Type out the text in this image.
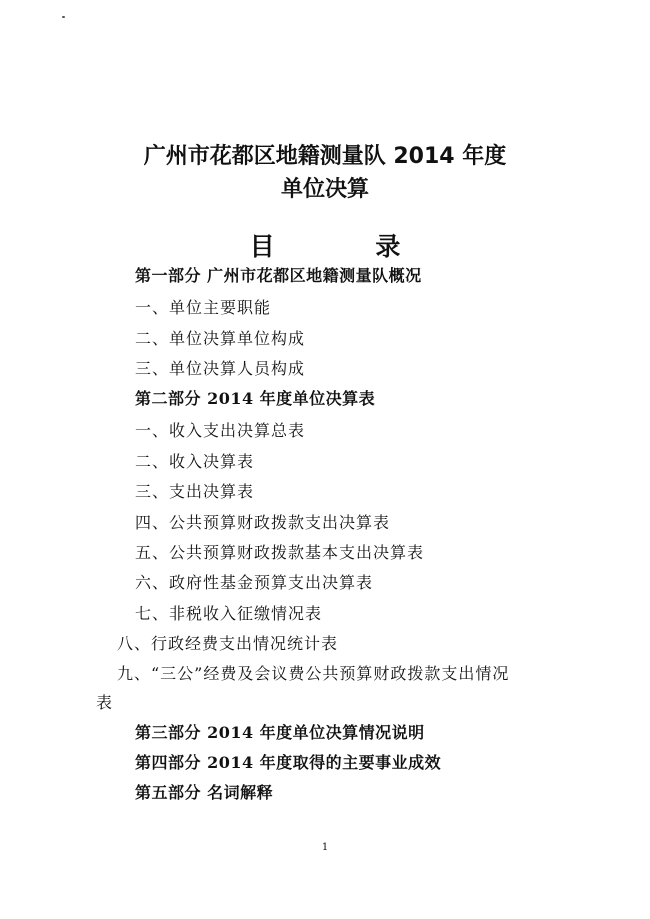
广州市花都区地籍测量队 2014 年度
单位决算
目 录
第一部分 广州市花都区地籍测量队概况
一、单位主要职能
二、单位决算单位构成
三、单位决算人员构成
第二部分 2014 年度单位决算表
一、收入支出决算总表
二、收入决算表
三、支出决算表
四、公共预算财政拨款支出决算表
五、公共预算财政拨款基本支出决算表
六、政府性基金预算支出决算表
七、非税收入征缴情况表
八、行政经费支出情况统计表
九、“三公”经费及会议费公共预算财政拨款支出情况
表
第三部分 2014 年度单位决算情况说明
第四部分 2014 年度取得的主要事业成效
第五部分 名词解释
1
